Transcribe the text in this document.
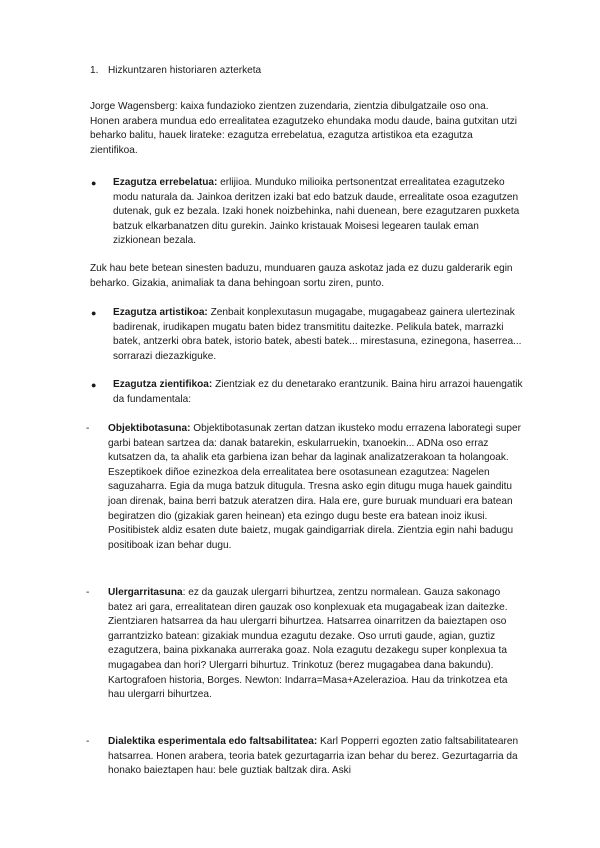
1. Hizkuntzaren historiaren azterketa

Jorge Wagensberg: kaixa fundazioko zientzen zuzendaria, zientzia dibulgatzaile oso ona. Honen arabera mundua edo errealitatea ezagutzeko ehundaka modu daude, baina gutxitan utzi beharko balitu, hauek lirateke: ezagutza errebelatua, ezagutza artistikoa eta ezagutza zientifikoa.

● Ezagutza errebelatua: erlijioa. Munduko milioika pertsonentzat errealitatea ezagutzeko modu naturala da. Jainkoa deritzen izaki bat edo batzuk daude, errealitate osoa ezagutzen dutenak, guk ez bezala. Izaki honek noizbehinka, nahi duenean, bere ezagutzaren puxketa batzuk elkarbanatzen ditu gurekin. Jainko kristauak Moisesi legearen taulak eman zizkionean bezala.

Zuk hau bete betean sinesten baduzu, munduaren gauza askotaz jada ez duzu galderarik egin beharko. Gizakia, animaliak ta dana behingoan sortu ziren, punto.

● Ezagutza artistikoa: Zenbait konplexutasun mugagabe, mugagabeaz gainera ulertezinak badirenak, irudikapen mugatu baten bidez transmititu daitezke. Pelikula batek, marrazki batek, antzerki obra batek, istorio batek, abesti batek... mirestasuna, ezinegona, haserrea... sorrarazi diezazkiguke.

● Ezagutza zientifikoa: Zientziak ez du denetarako erantzunik. Baina hiru arrazoi hauengatik da fundamentala:

- Objektibotasuna: Objektibotasunak zertan datzan ikusteko modu errazena laborategi super garbi batean sartzea da: danak batarekin, eskularruekin, txanoekin... ADNa oso erraz kutsatzen da, ta ahalik eta garbiena izan behar da laginak analizatzerakoan ta holangoak. Eszeptikoek diñoe ezinezkoa dela errealitatea bere osotasunean ezagutzea: Nagelen saguzaharra. Egia da muga batzuk ditugula. Tresna asko egin ditugu muga hauek gainditu joan direnak, baina berri batzuk ateratzen dira. Hala ere, gure buruak munduari era batean begiratzen dio (gizakiak garen heinean) eta ezingo dugu beste era batean inoiz ikusi. Positibistek aldiz esaten dute baietz, mugak gaindigarriak direla. Zientzia egin nahi badugu positiboak izan behar dugu.

- Ulergarritasuna: ez da gauzak ulergarri bihurtzea, zentzu normalean. Gauza sakonago batez ari gara, errealitatean diren gauzak oso konplexuak eta mugagabeak izan daitezke. Zientziaren hatsarrea da hau ulergarri bihurtzea. Hatsarrea oinarritzen da baieztapen oso garrantzizko batean: gizakiak mundua ezagutu dezake. Oso urruti gaude, agian, guztiz ezagutzera, baina pixkanaka aurreraka goaz. Nola ezagutu dezakegu super konplexua ta mugagabea dan hori? Ulergarri bihurtuz. Trinkotuz (berez mugagabea dana bakundu). Kartografoen historia, Borges. Newton: Indarra=Masa+Azelerazioa. Hau da trinkotzea eta hau ulergarri bihurtzea.

- Dialektika esperimentala edo faltsabilitatea: Karl Popperri egozten zatio faltsabilitatearen hatsarrea. Honen arabera, teoria batek gezurtagarria izan behar du berez. Gezurtagarria da honako baieztapen hau: bele guztiak baltzak dira. Aski
